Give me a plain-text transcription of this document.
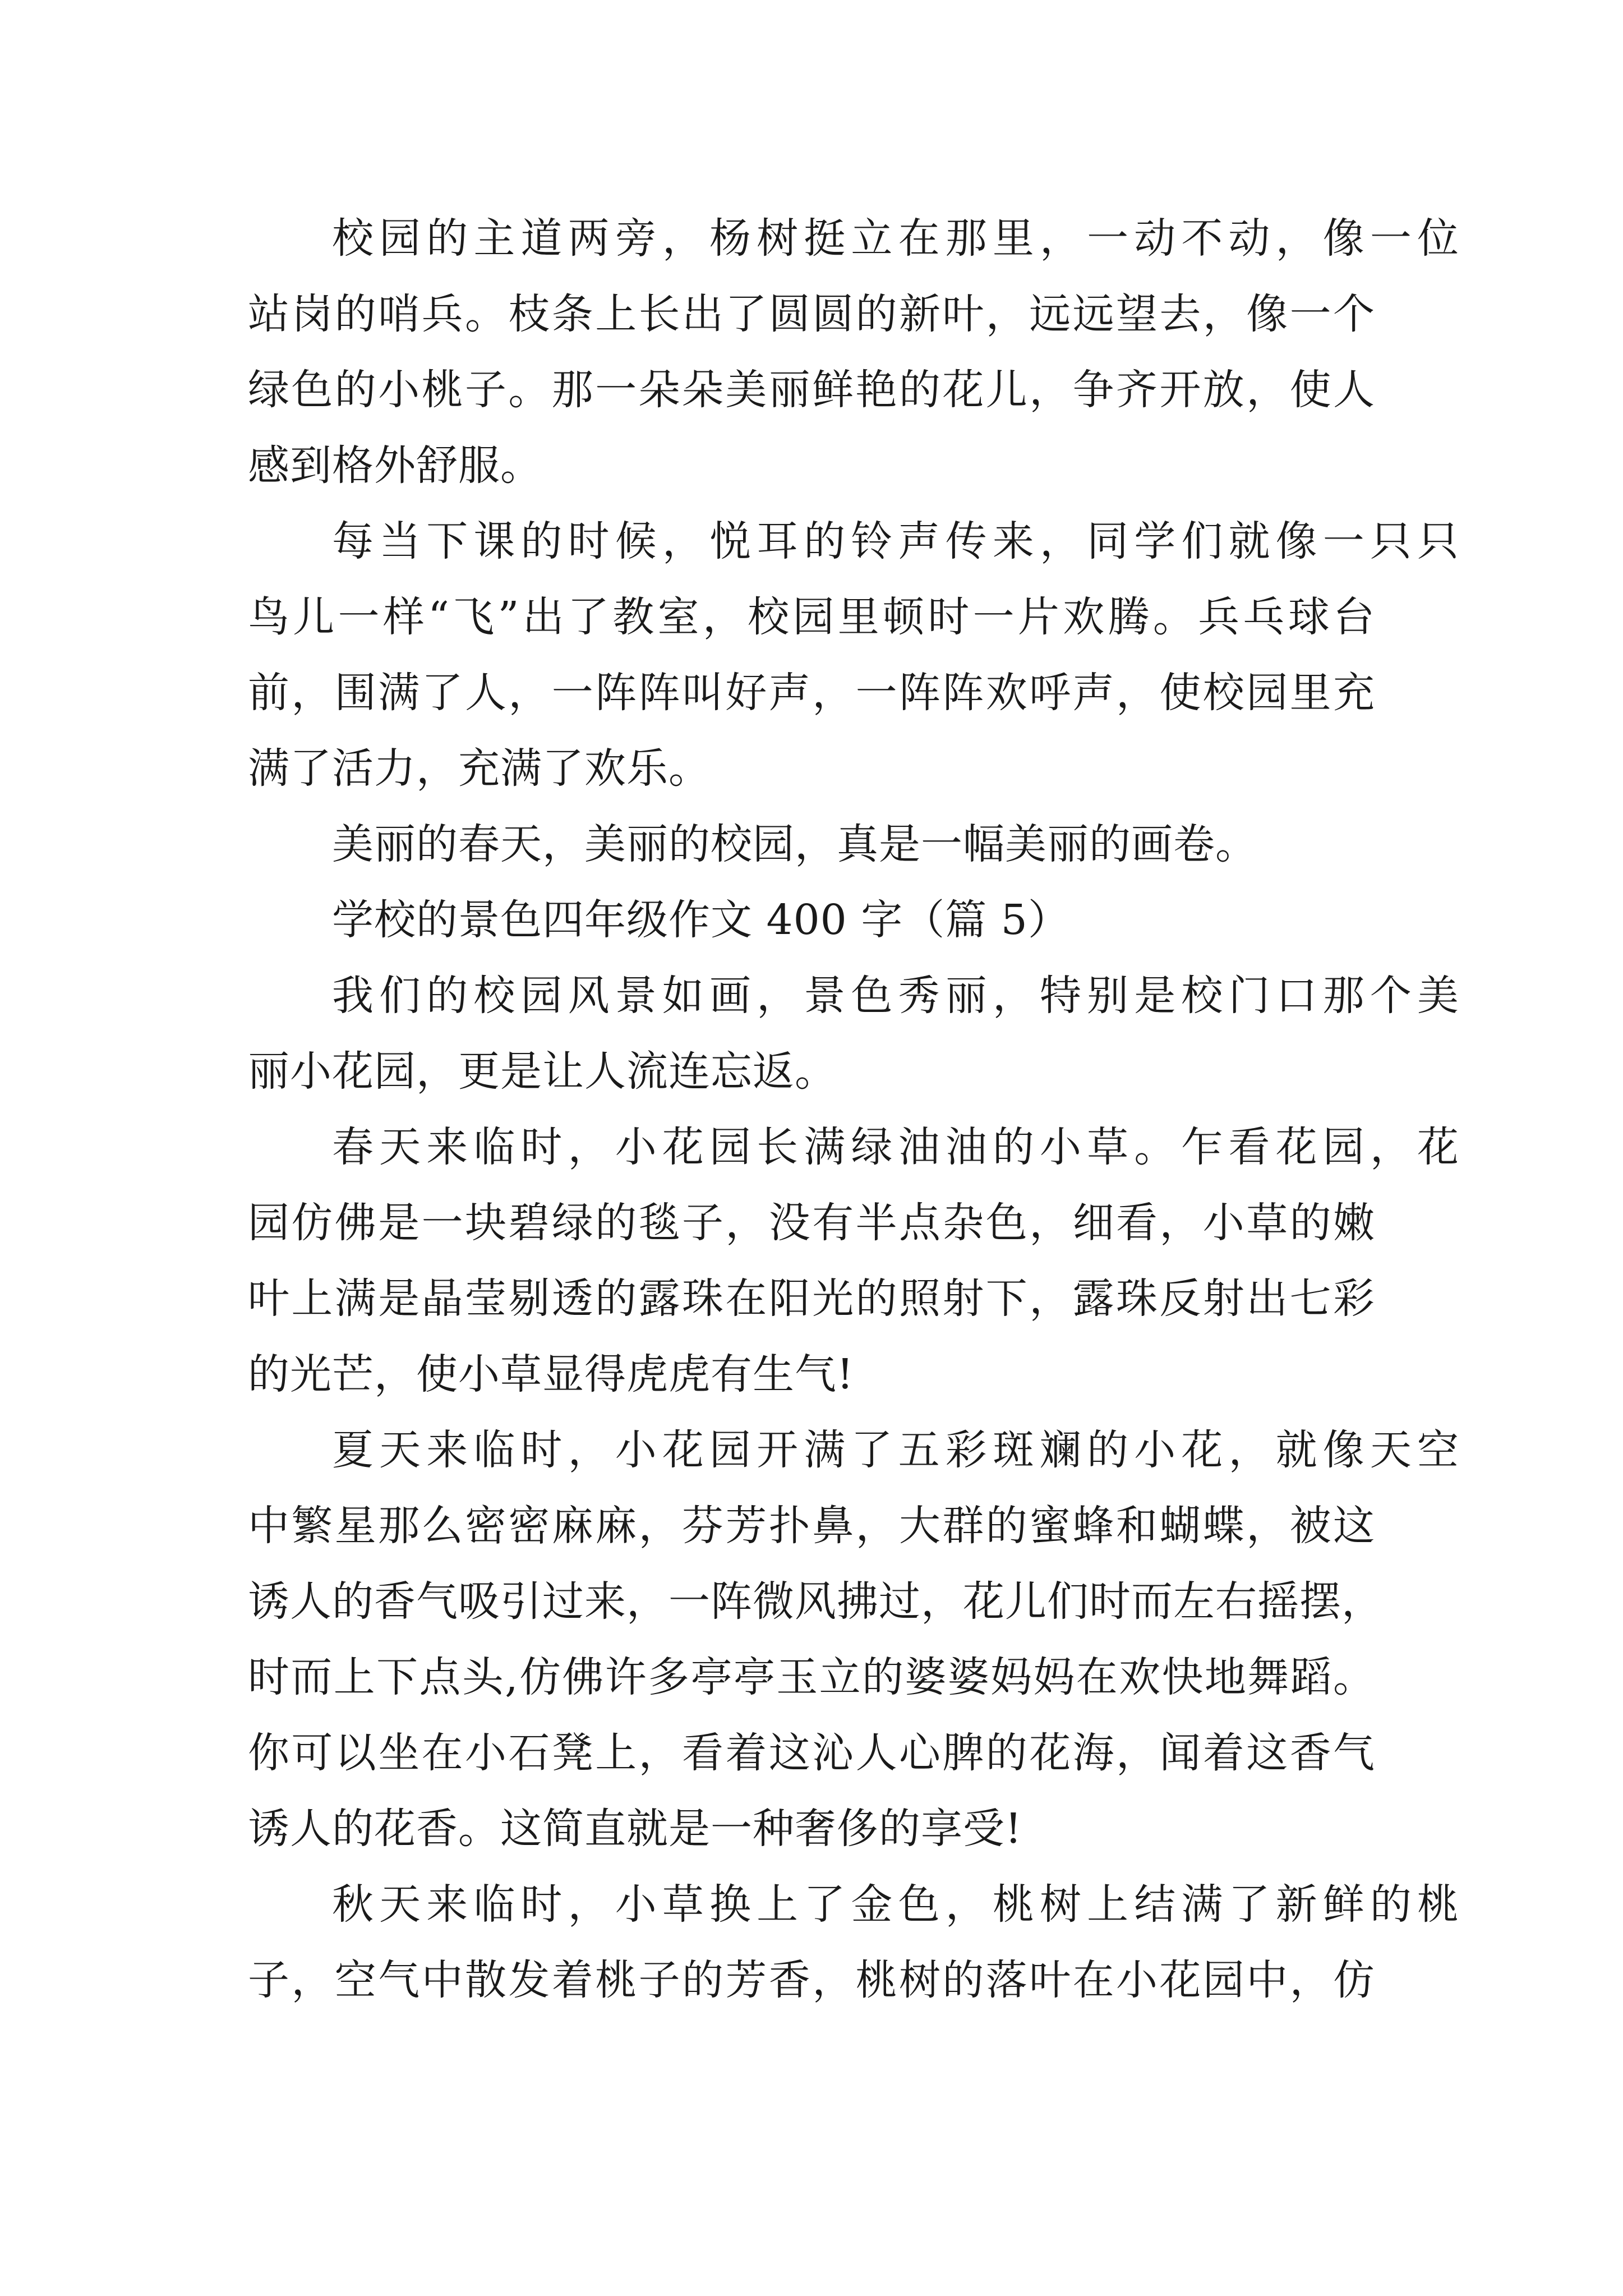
校园的主道两旁，杨树挺立在那里，一动不动，像一位
站岗的哨兵。枝条上长出了圆圆的新叶，远远望去，像一个
绿色的小桃子。那一朵朵美丽鲜艳的花儿，争齐开放，使人
感到格外舒服。
每当下课的时候，悦耳的铃声传来，同学们就像一只只
鸟儿一样“飞”出了教室，校园里顿时一片欢腾。兵乓球台
前，围满了人，一阵阵叫好声，一阵阵欢呼声，使校园里充
满了活力，充满了欢乐。
美丽的春天，美丽的校园，真是一幅美丽的画卷。
学校的景色四年级作文 400 字（篇 5）
我们的校园风景如画，景色秀丽，特别是校门口那个美
丽小花园，更是让人流连忘返。
春天来临时，小花园长满绿油油的小草。乍看花园，花
园仿佛是一块碧绿的毯子，没有半点杂色，细看，小草的嫩
叶上满是晶莹剔透的露珠在阳光的照射下，露珠反射出七彩
的光芒，使小草显得虎虎有生气!
夏天来临时，小花园开满了五彩斑斓的小花，就像天空
中繁星那么密密麻麻，芬芳扑鼻，大群的蜜蜂和蝴蝶，被这
诱人的香气吸引过来，一阵微风拂过，花儿们时而左右摇摆，
时而上下点头,仿佛许多亭亭玉立的婆婆妈妈在欢快地舞蹈。
你可以坐在小石凳上，看着这沁人心脾的花海，闻着这香气
诱人的花香。这简直就是一种奢侈的享受!
秋天来临时，小草换上了金色，桃树上结满了新鲜的桃
子，空气中散发着桃子的芳香，桃树的落叶在小花园中，仿
